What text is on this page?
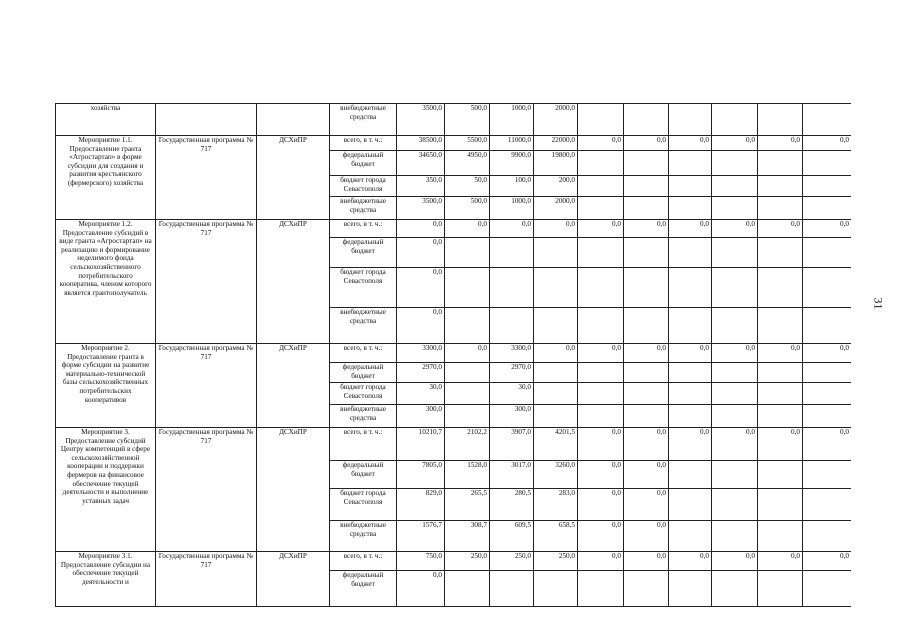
хозяйства			внебюджетные средства	3500,0	500,0	1000,0	2000,0						
Мероприятие 1.1. Предоставление гранта «Агростартап» в форме субсидии для создания и развития крестьянского (фермерского) хозяйства	Государственная программа № 717	ДСХиПР	всего, в т. ч.:	38500,0	5500,0	11000,0	22000,0	0,0	0,0	0,0	0,0	0,0	0,0
			федеральный бюджет	34650,0	4950,0	9900,0	19800,0						
			бюджет города Севастополя	350,0	50,0	100,0	200,0						
			внебюджетные средства	3500,0	500,0	1000,0	2000,0						
Мероприятие 1.2. Предоставление субсидий в виде гранта «Агростартап» на реализацию и формирование неделимого фонда сельскохозяйственного потребительского кооператива, членом которого является грантополучатель	Государственная программа № 717	ДСХиПР	всего, в т. ч.:	0,0	0,0	0,0	0,0	0,0	0,0	0,0	0,0	0,0	0,0
			федеральный бюджет	0,0									
			бюджет города Севастополя	0,0									
			внебюджетные средства	0,0									
Мероприятие 2. Предоставление гранта в форме субсидии на развитие материально-технической базы сельскохозяйственных потребительских кооперативов	Государственная программа № 717	ДСХиПР	всего, в т. ч.:	3300,0	0,0	3300,0	0,0	0,0	0,0	0,0	0,0	0,0	0,0
			федеральный бюджет	2970,0		2970,0							
			бюджет города Севастополя	30,0		30,0							
			внебюджетные средства	300,0		300,0							
Мероприятие 3. Предоставление субсидий Центру компетенций в сфере сельскохозяйственной кооперации и поддержки фермеров на финансовое обеспечение текущей деятельности и выполнение уставных задач	Государственная программа № 717	ДСХиПР	всего, в т. ч.:	10210,7	2102,2	3907,0	4201,5	0,0	0,0	0,0	0,0	0,0	0,0
			федеральный бюджет	7805,0	1528,0	3017,0	3260,0	0,0	0,0				
			бюджет города Севастополя	829,0	265,5	280,5	283,0	0,0	0,0				
			внебюджетные средства	1576,7	308,7	609,5	658,5	0,0	0,0				
Мероприятие 3.1. Предоставление субсидии на обеспечение текущей деятельности и	Государственная программа № 717	ДСХиПР	всего, в т. ч.:	750,0	250,0	250,0	250,0	0,0	0,0	0,0	0,0	0,0	0,0
			федеральный бюджет	0,0									
31
